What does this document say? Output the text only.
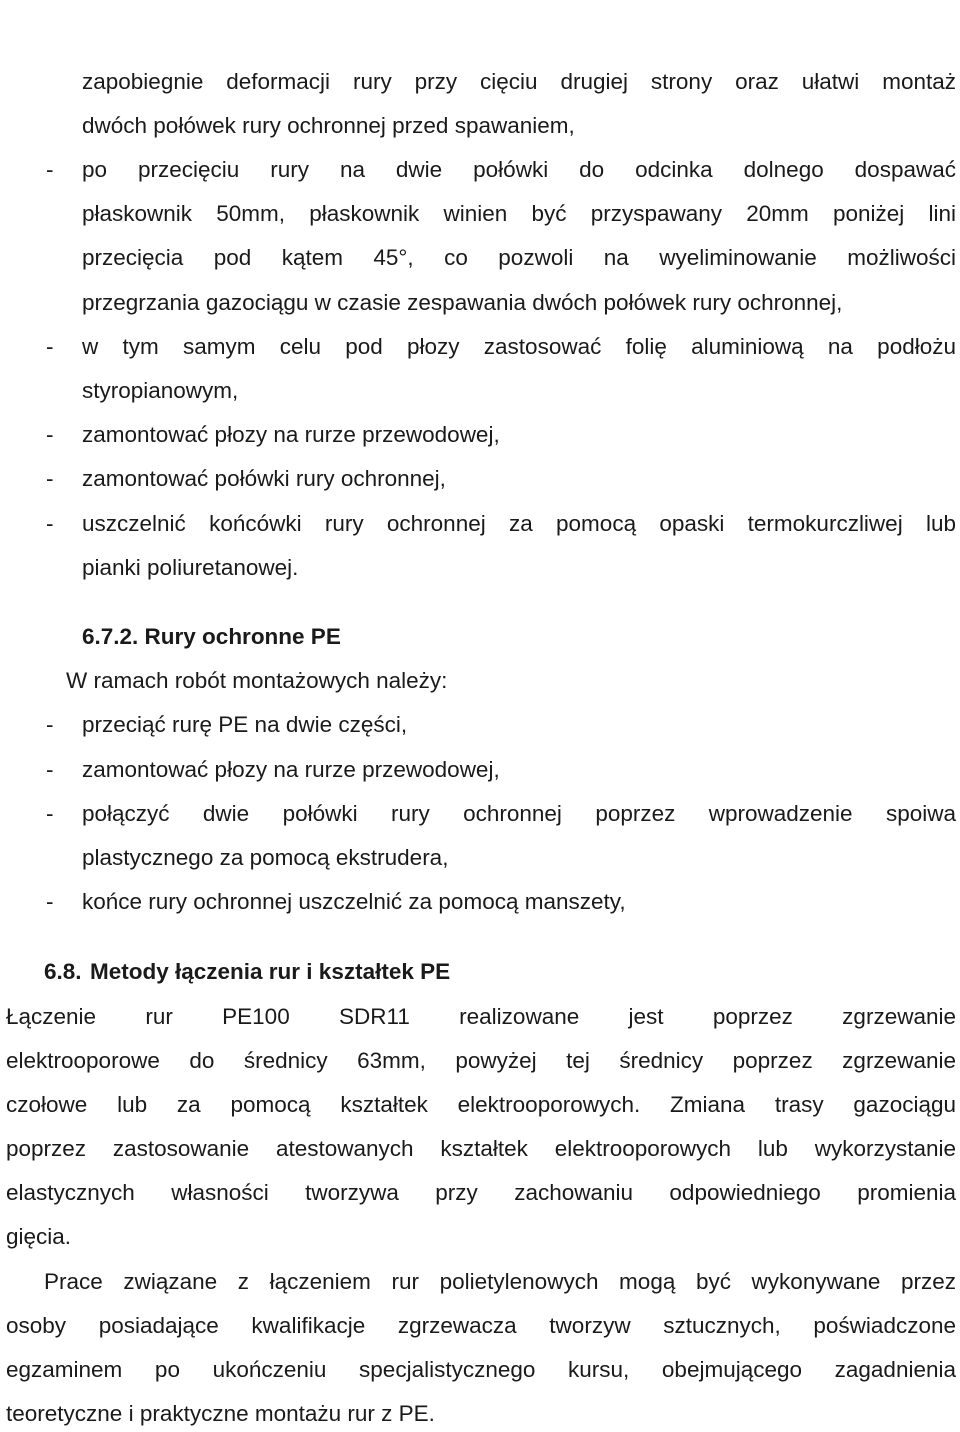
zapobiegnie deformacji rury przy cięciu drugiej strony oraz ułatwi montaż
dwóch połówek rury ochronnej przed spawaniem,
- po przecięciu rury na dwie połówki do odcinka dolnego dospawać
płaskownik 50mm, płaskownik winien być przyspawany 20mm poniżej lini
przecięcia pod kątem 45°, co pozwoli na wyeliminowanie możliwości
przegrzania gazociągu w czasie zespawania dwóch połówek rury ochronnej,
- w tym samym celu pod płozy zastosować folię aluminiową na podłożu
styropianowym,
- zamontować płozy na rurze przewodowej,
- zamontować połówki rury ochronnej,
- uszczelnić końcówki rury ochronnej za pomocą opaski termokurczliwej lub
pianki poliuretanowej.
6.7.2. Rury ochronne PE
W ramach robót montażowych należy:
- przeciąć rurę PE na dwie części,
- zamontować płozy na rurze przewodowej,
- połączyć dwie połówki rury ochronnej poprzez wprowadzenie spoiwa
plastycznego za pomocą ekstrudera,
- końce rury ochronnej uszczelnić za pomocą manszety,
6.8. Metody łączenia rur i kształtek PE
Łączenie rur PE100 SDR11 realizowane jest poprzez zgrzewanie
elektrooporowe do średnicy 63mm, powyżej tej średnicy poprzez zgrzewanie
czołowe lub za pomocą kształtek elektrooporowych. Zmiana trasy gazociągu
poprzez zastosowanie atestowanych kształtek elektrooporowych lub wykorzystanie
elastycznych własności tworzywa przy zachowaniu odpowiedniego promienia
gięcia.
Prace związane z łączeniem rur polietylenowych mogą być wykonywane przez
osoby posiadające kwalifikacje zgrzewacza tworzyw sztucznych, poświadczone
egzaminem po ukończeniu specjalistycznego kursu, obejmującego zagadnienia
teoretyczne i praktyczne montażu rur z PE.
